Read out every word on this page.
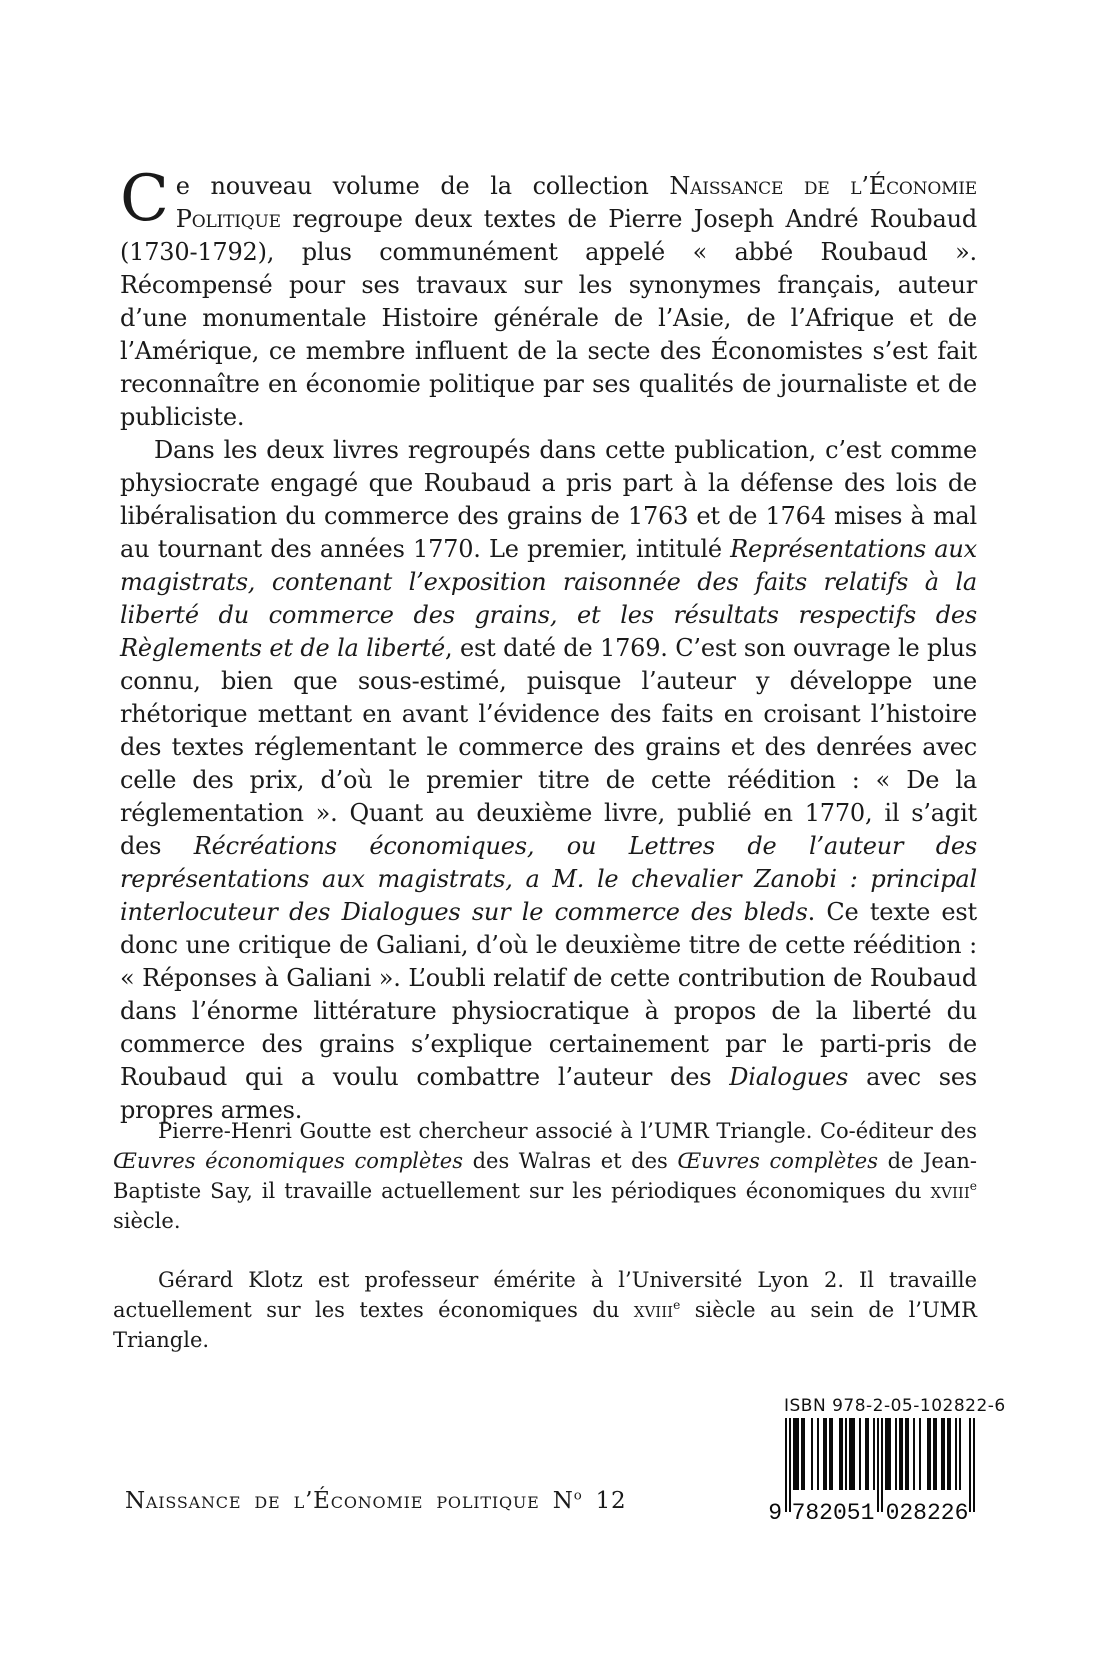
Ce nouveau volume de la collection Naissance de l’Économie Politique regroupe deux textes de Pierre Joseph André Roubaud (1730-1792), plus communément appelé « abbé Roubaud ». Récompensé pour ses travaux sur les synonymes français, auteur d’une monumentale Histoire générale de l’Asie, de l’Afrique et de l’Amérique, ce membre influent de la secte des Économistes s’est fait reconnaître en économie politique par ses qualités de journaliste et de publiciste.

Dans les deux livres regroupés dans cette publication, c’est comme physiocrate engagé que Roubaud a pris part à la défense des lois de libéralisation du commerce des grains de 1763 et de 1764 mises à mal au tournant des années 1770. Le premier, intitulé Représentations aux magistrats, contenant l’exposition raisonnée des faits relatifs à la liberté du commerce des grains, et les résultats respectifs des Règlements et de la liberté, est daté de 1769. C’est son ouvrage le plus connu, bien que sous-estimé, puisque l’auteur y développe une rhétorique mettant en avant l’évidence des faits en croisant l’histoire des textes réglementant le commerce des grains et des denrées avec celle des prix, d’où le premier titre de cette réédition : « De la réglementation ». Quant au deuxième livre, publié en 1770, il s’agit des Récréations économiques, ou Lettres de l’auteur des représentations aux magistrats, a M. le chevalier Zanobi : principal interlocuteur des Dialogues sur le commerce des bleds. Ce texte est donc une critique de Galiani, d’où le deuxième titre de cette réédition : « Réponses à Galiani ». L’oubli relatif de cette contribution de Roubaud dans l’énorme littérature physiocratique à propos de la liberté du commerce des grains s’explique certainement par le parti-pris de Roubaud qui a voulu combattre l’auteur des Dialogues avec ses propres armes.

Pierre-Henri Goutte est chercheur associé à l’UMR Triangle. Co-éditeur des Œuvres économiques complètes des Walras et des Œuvres complètes de Jean-Baptiste Say, il travaille actuellement sur les périodiques économiques du xviii$^e$ siècle.

Gérard Klotz est professeur émérite à l’Université Lyon 2. Il travaille actuellement sur les textes économiques du xviii$^e$ siècle au sein de l’UMR Triangle.

ISBN 978-2-05-102822-6
9 782051 028226
Naissance de l’Économie politique $N^o$ 12
